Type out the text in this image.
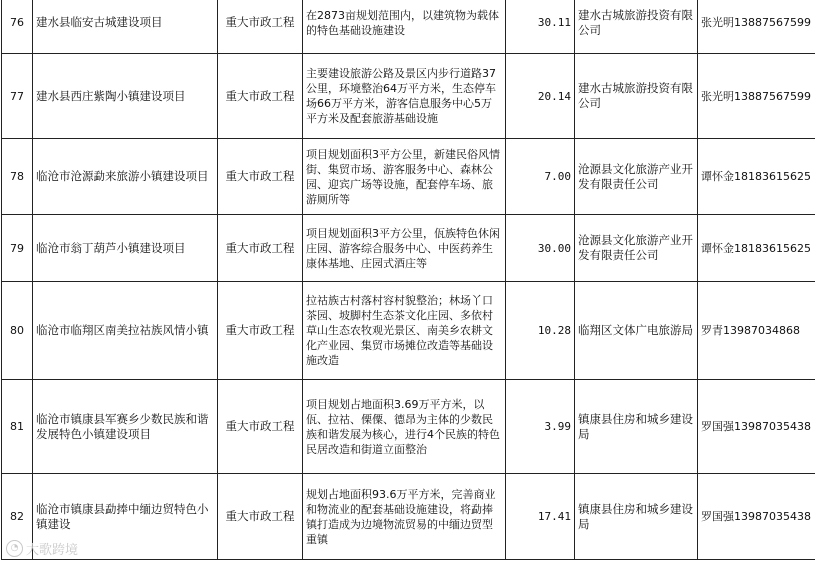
76	建水县临安古城建设项目	重大市政工程	在2873亩规划范围内，以建筑物为载体的特色基础设施建设	30.11	建水古城旅游投资有限公司	张光明13887567599
77	建水县西庄紫陶小镇建设项目	重大市政工程	主要建设旅游公路及景区内步行道路37公里，环境整治64万平方米，生态停车场66万平方米，游客信息服务中心5万平方米及配套旅游基础设施	20.14	建水古城旅游投资有限公司	张光明13887567599
78	临沧市沧源勐来旅游小镇建设项目	重大市政工程	项目规划面积3平方公里，新建民俗风情街、集贸市场、游客服务中心、森林公园、迎宾广场等设施，配套停车场、旅游厕所等	7.00	沧源县文化旅游产业开发有限责任公司	谭怀金18183615625
79	临沧市翁丁葫芦小镇建设项目	重大市政工程	项目规划面积3平方公里，佤族特色休闲庄园、游客综合服务中心、中医药养生康体基地、庄园式酒庄等	30.00	沧源县文化旅游产业开发有限责任公司	谭怀金18183615625
80	临沧市临翔区南美拉祜族风情小镇	重大市政工程	拉祜族古村落村容村貌整治；林场丫口茶园、坡脚村生态茶文化庄园、多依村草山生态农牧观光景区、南美乡农耕文化产业园、集贸市场摊位改造等基础设施改造	10.28	临翔区文体广电旅游局	罗青13987034868
81	临沧市镇康县军赛乡少数民族和谐发展特色小镇建设项目	重大市政工程	项目规划占地面积3.69万平方米，以佤、拉祜、傈僳、德昂为主体的少数民族和谐发展为核心，进行4个民族的特色民居改造和街道立面整治	3.99	镇康县住房和城乡建设局	罗国强13987035438
82	临沧市镇康县勐捧中缅边贸特色小镇建设	重大市政工程	规划占地面积93.6万平方米，完善商业和物流业的配套基础设施建设，将勐捧镇打造成为边境物流贸易的中缅边贸型重镇	17.41	镇康县住房和城乡建设局	罗国强13987035438
◔ 大歌跨境
